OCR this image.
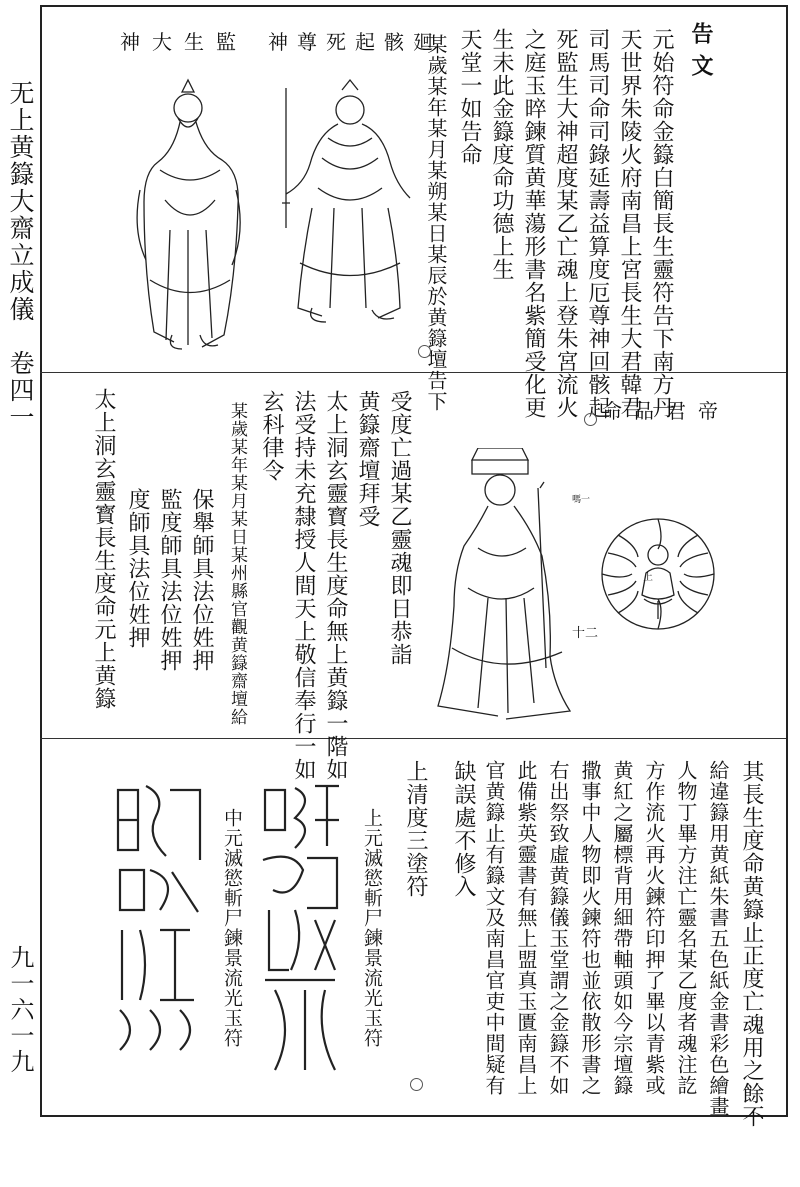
无上黄籙大齋立成儀　卷四一
九一六一九
告文
元始符命金籙白簡長生靈符告下南方丹
天世界朱陵火府南昌上宮長生大君韓君
司馬司命司錄延壽益算度厄尊神回骸起
死監生大神超度某乙亡魂上登朱宮流火
之庭玉晬鍊質黄華蕩形書名紫簡受化更
生未此金籙度命功德上生
天堂一如告命
某歲某年某月某朔某日某辰於黄籙壇告下
廻骸起死尊神
監生大神
帝君品命
上
嗎一
十二
受度亡過某乙靈魂即日恭詣
黄籙齋壇拜受
太上洞玄靈寳長生度命無上黄籙一階如
法受持未充隸授人間天上敬信奉行一如
玄科律令
某歲某年某月某日某州縣官觀黄籙齋壇給
保舉師具法位姓押
監度師具法位姓押
度師具法位姓押
太上洞玄靈寳長生度命元上黄籙
其長生度命黄籙止正度亡魂用之餘不
給違籙用黄紙朱書五色紙金書彩色繪畫
人物丁畢方注亡靈名某乙度者魂注訖
方作流火再火鍊符印押了畢以青紫或
黄紅之屬標背用細帶軸頭如今宗壇籙
撒事中人物即火鍊符也並依散形書之
右出祭致虛黄籙儀玉堂謂之金籙不如
此備紫英靈書有無上盟真玉匱南昌上
官黄籙止有籙文及南昌官吏中間疑有
缺誤處不修入
上清度三塗符
上元滅慾斬尸鍊景流光玉符
中元滅慾斬尸鍊景流光玉符
